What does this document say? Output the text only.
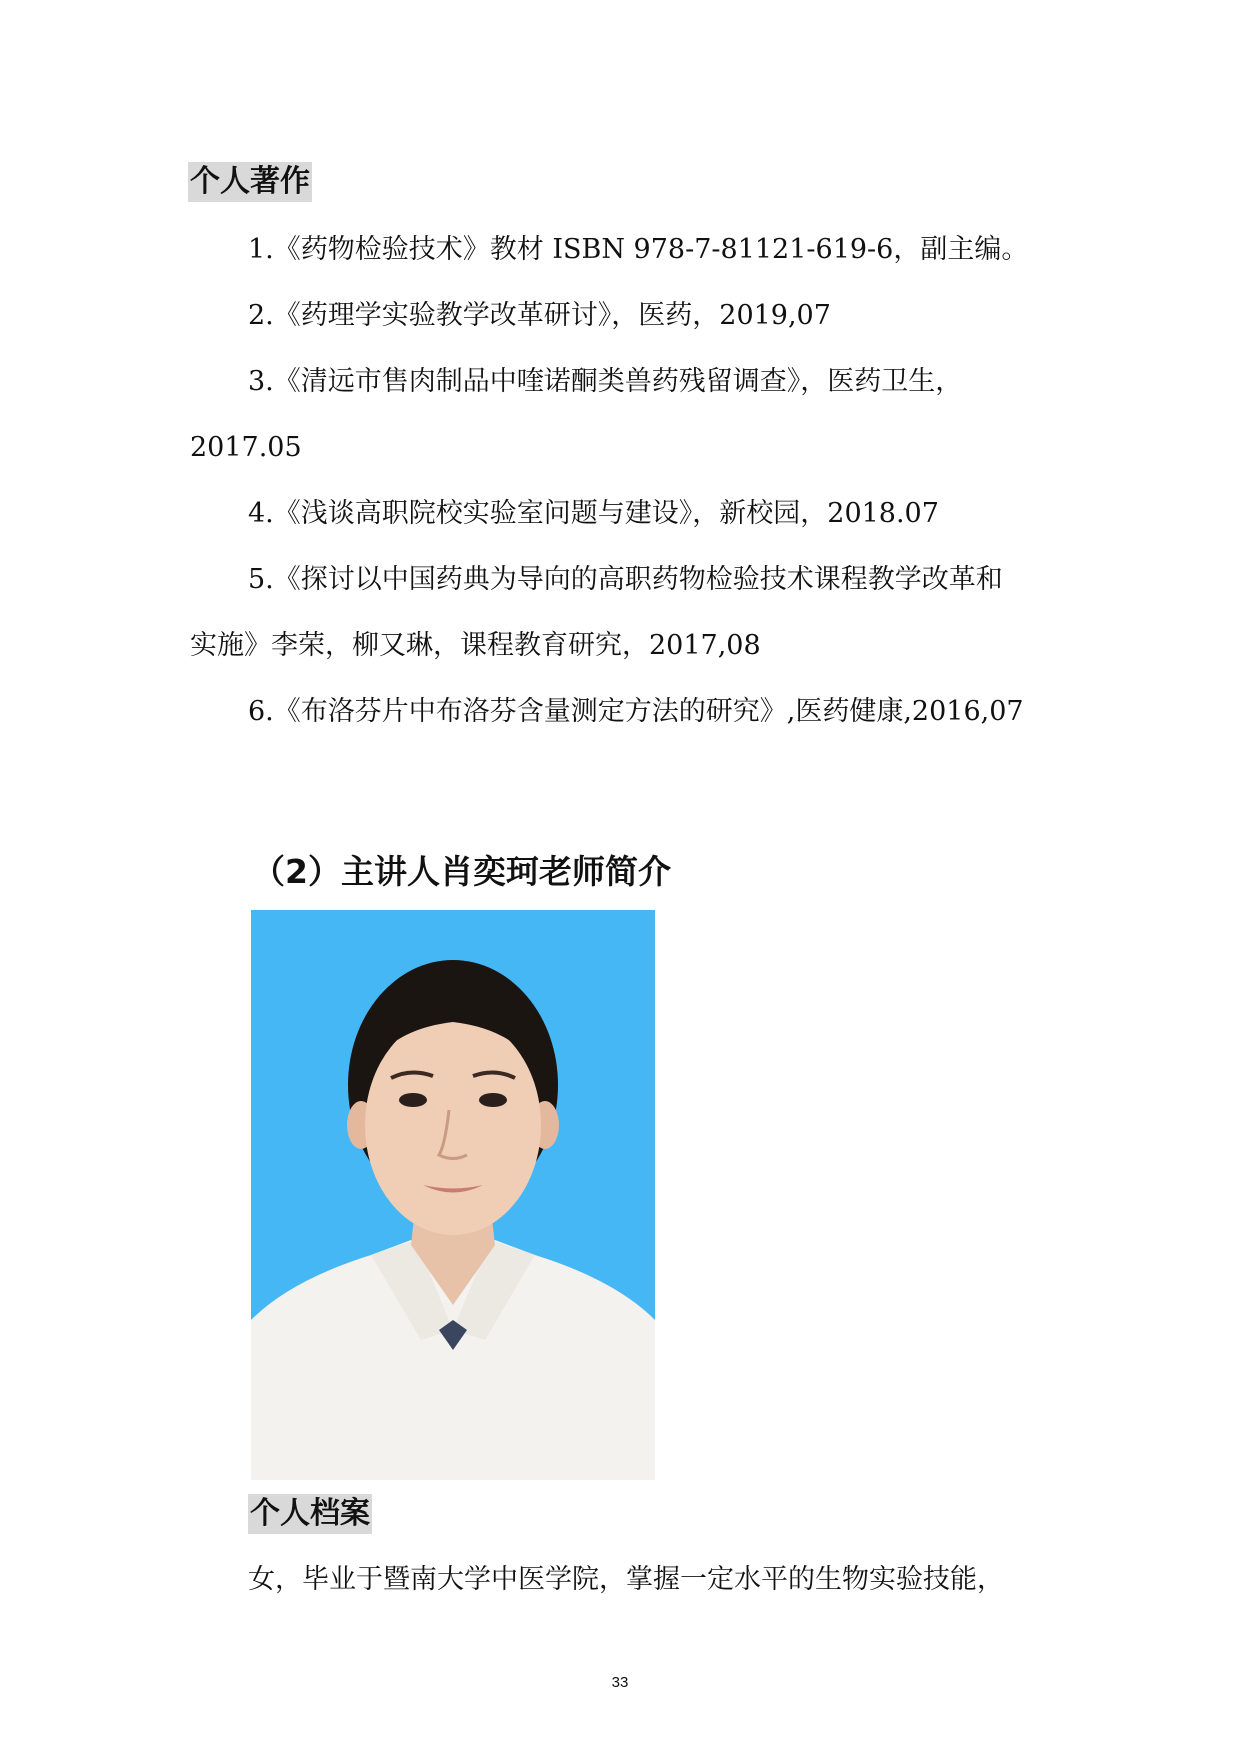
个人著作
1.《药物检验技术》教材 ISBN 978-7-81121-619-6，副主编。
2.《药理学实验教学改革研讨》，医药，2019,07
3.《清远市售肉制品中喹诺酮类兽药残留调查》，医药卫生，
2017.05
4.《浅谈高职院校实验室问题与建设》，新校园，2018.07
5.《探讨以中国药典为导向的高职药物检验技术课程教学改革和
实施》李荣，柳又琳，课程教育研究，2017,08
6.《布洛芬片中布洛芬含量测定方法的研究》,医药健康,2016,07
（2）主讲人肖奕珂老师简介
个人档案
女，毕业于暨南大学中医学院，掌握一定水平的生物实验技能，
33
